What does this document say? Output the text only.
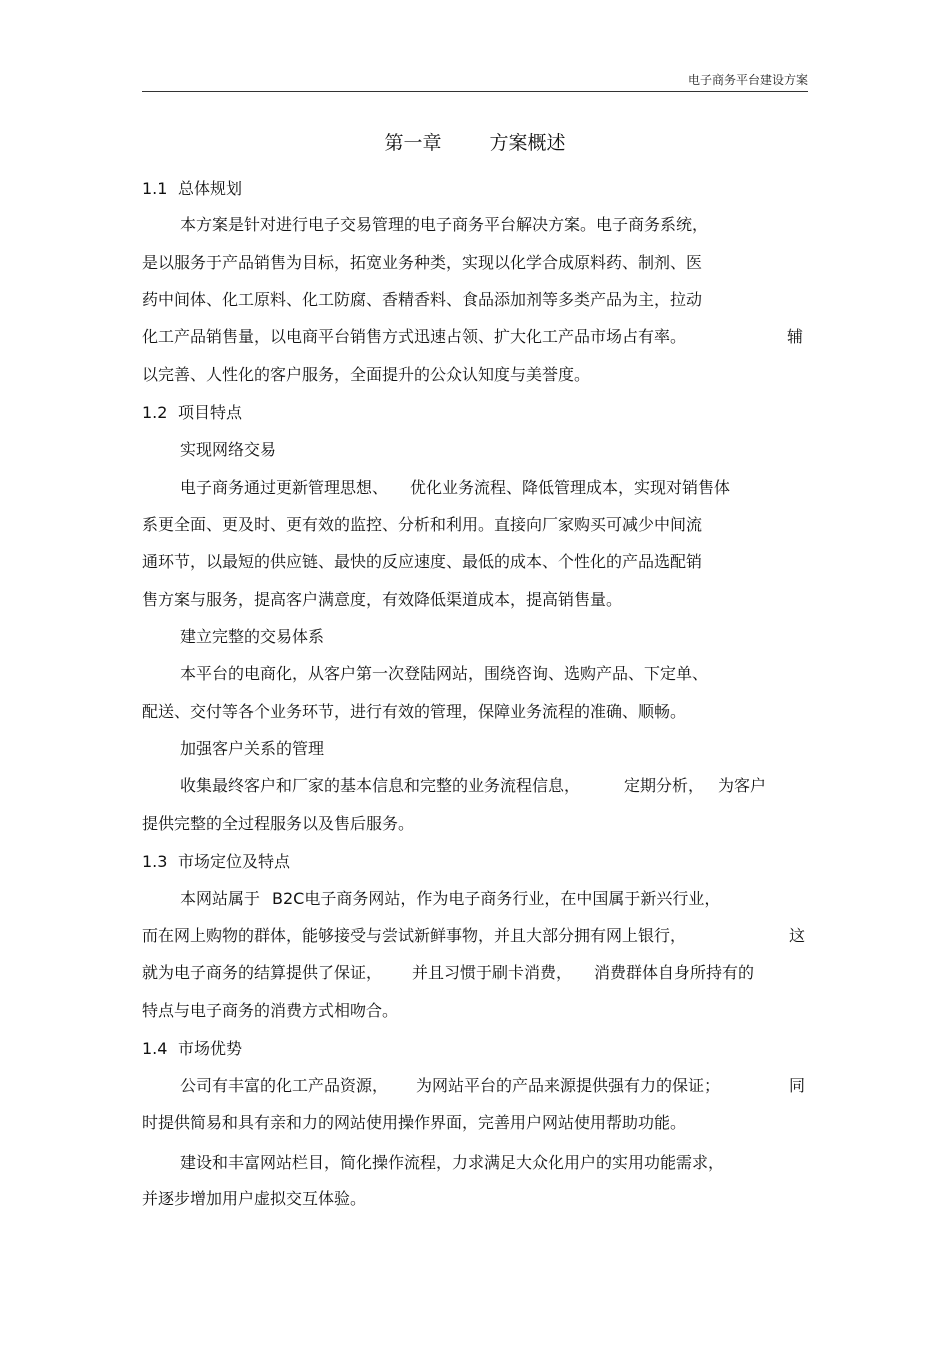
电子商务平台建设方案
第一章	方案概述
1.1 总体规划
本方案是针对进行电子交易管理的电子商务平台解决方案。电子商务系统，
是以服务于产品销售为目标，拓宽业务种类，实现以化学合成原料药、制剂、医
药中间体、化工原料、化工防腐、香精香料、食品添加剂等多类产品为主，拉动
化工产品销售量，以电商平台销售方式迅速占领、扩大化工产品市场占有率。	辅
以完善、人性化的客户服务，全面提升的公众认知度与美誉度。
1.2 项目特点
实现网络交易
电子商务通过更新管理思想、 优化业务流程、降低管理成本，实现对销售体
系更全面、更及时、更有效的监控、分析和利用。直接向厂家购买可减少中间流
通环节，以最短的供应链、最快的反应速度、最低的成本、个性化的产品选配销
售方案与服务，提高客户满意度，有效降低渠道成本，提高销售量。
建立完整的交易体系
本平台的电商化，从客户第一次登陆网站，围绕咨询、选购产品、下定单、
配送、交付等各个业务环节，进行有效的管理，保障业务流程的准确、顺畅。
加强客户关系的管理
收集最终客户和厂家的基本信息和完整的业务流程信息，	定期分析， 为客户
提供完整的全过程服务以及售后服务。
1.3 市场定位及特点
本网站属于 B2C电子商务网站，作为电子商务行业，在中国属于新兴行业，
而在网上购物的群体，能够接受与尝试新鲜事物，并且大部分拥有网上银行，	这
就为电子商务的结算提供了保证， 并且习惯于刷卡消费， 消费群体自身所持有的
特点与电子商务的消费方式相吻合。
1.4 市场优势
公司有丰富的化工产品资源， 为网站平台的产品来源提供强有力的保证；	同
时提供简易和具有亲和力的网站使用操作界面，完善用户网站使用帮助功能。
建设和丰富网站栏目，简化操作流程，力求满足大众化用户的实用功能需求，
并逐步增加用户虚拟交互体验。
